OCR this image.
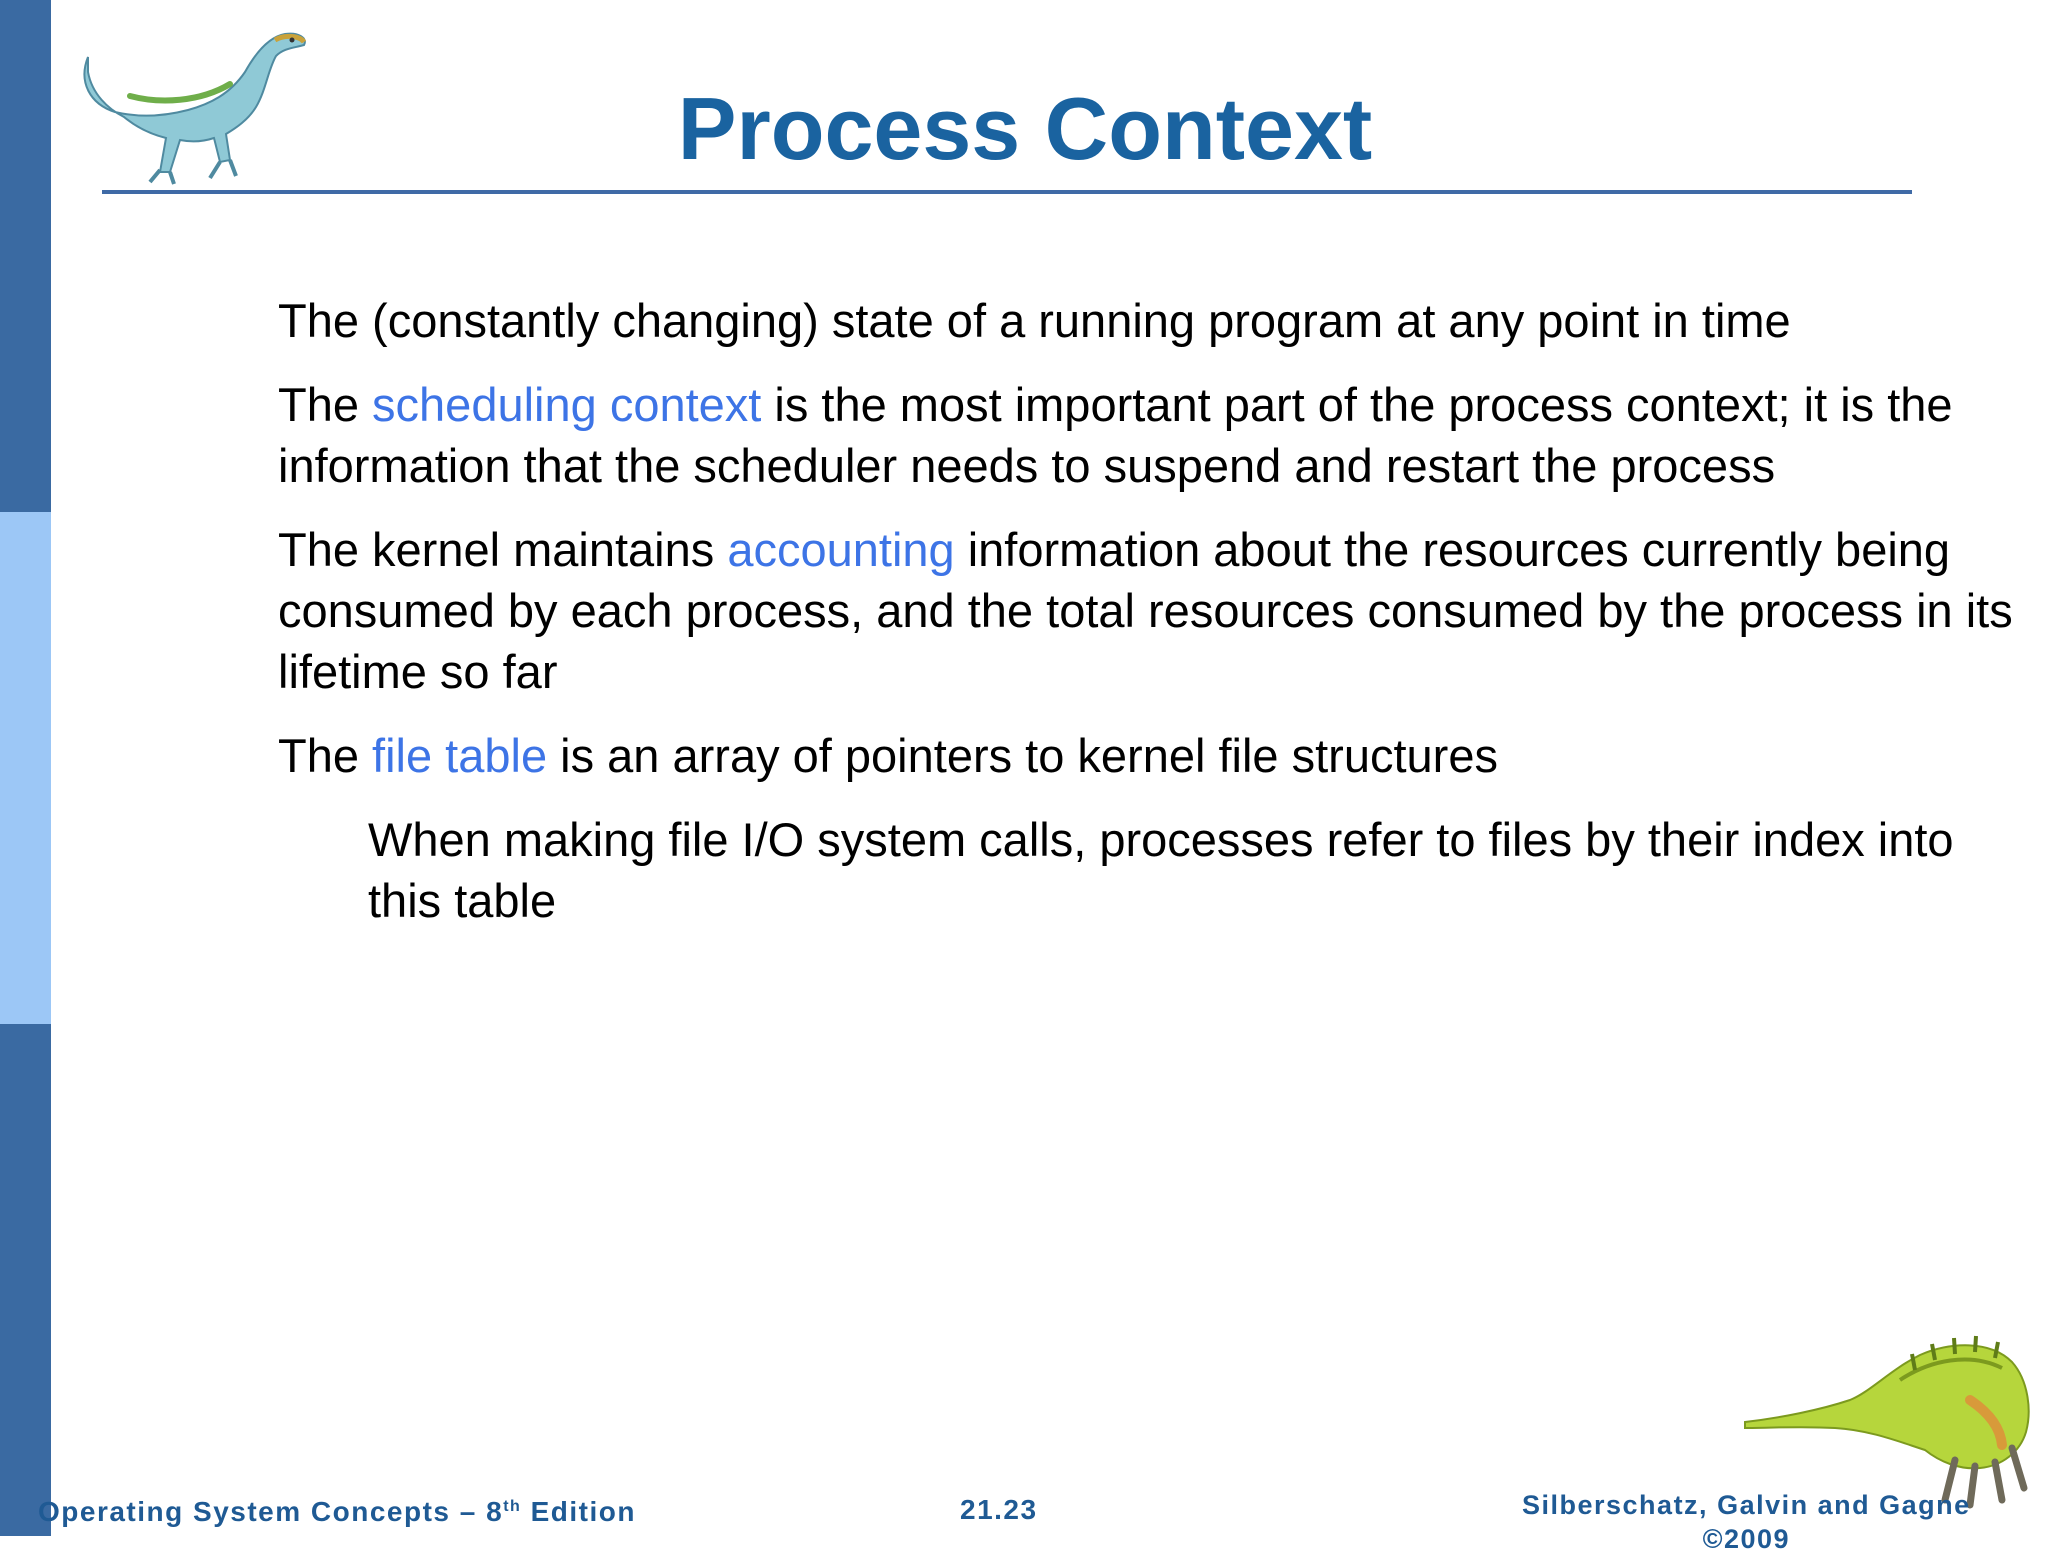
Process Context

The (constantly changing) state of a running program at any point in time

The scheduling context is the most important part of the process context; it is the information that the scheduler needs to suspend and restart the process

The kernel maintains accounting information about the resources currently being consumed by each process, and the total resources consumed by the process in its lifetime so far

The file table is an array of pointers to kernel file structures

When making file I/O system calls, processes refer to files by their index into this table

Operating System Concepts – 8th Edition	21.23	Silberschatz, Galvin and Gagne
©2009
